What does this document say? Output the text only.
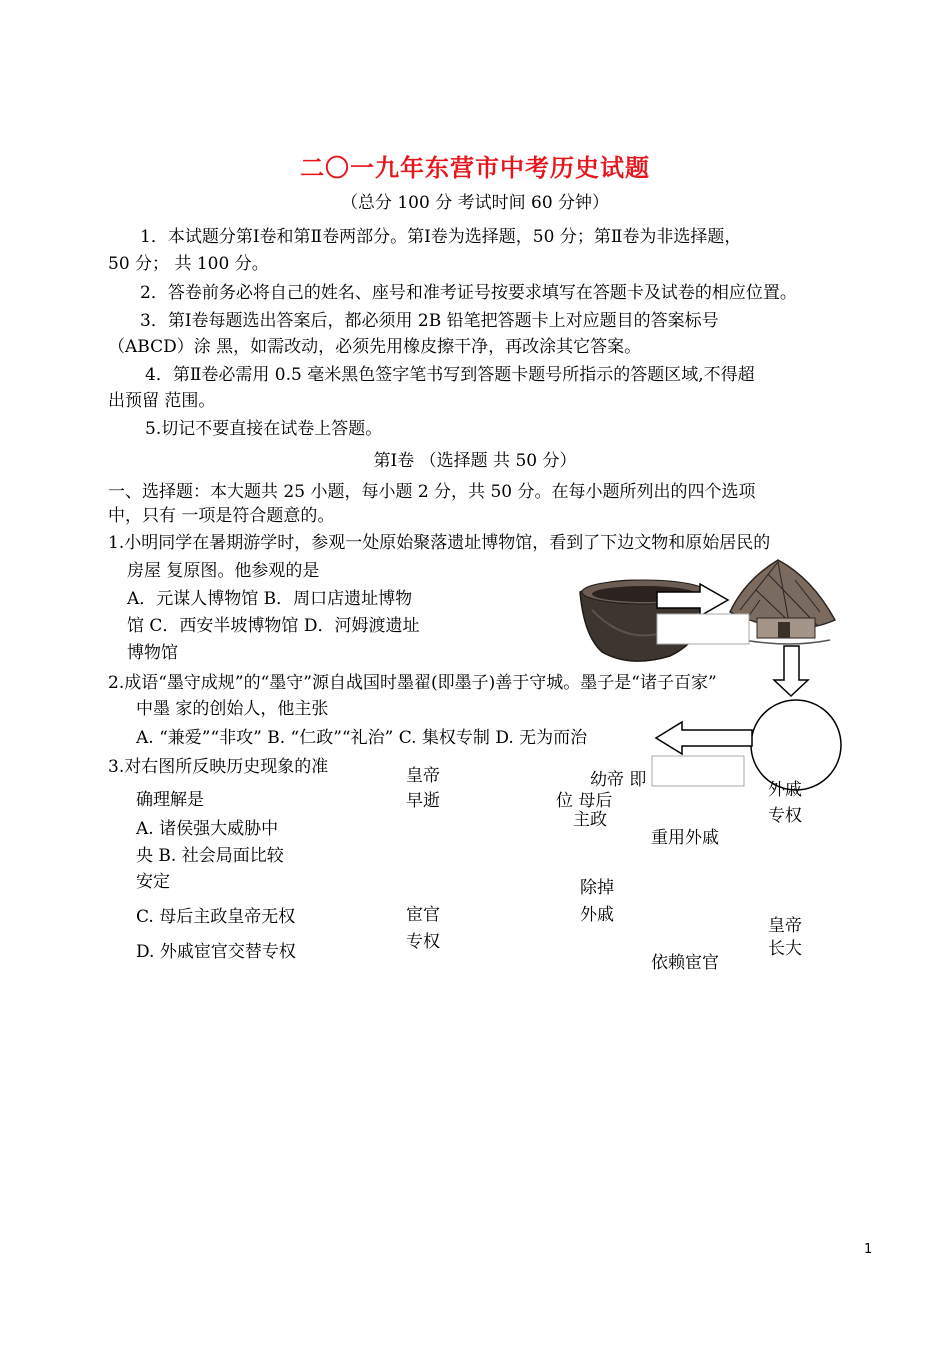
二〇一九年东营市中考历史试题
（总分 100 分 考试时间 60 分钟）
1．本试题分第Ⅰ卷和第Ⅱ卷两部分。第Ⅰ卷为选择题，50 分；第Ⅱ卷为非选择题，
50 分； 共 100 分。
2．答卷前务必将自己的姓名、座号和准考证号按要求填写在答题卡及试卷的相应位置。
3．第Ⅰ卷每题选出答案后，都必须用 2B 铅笔把答题卡上对应题目的答案标号
（ABCD）涂 黑，如需改动，必须先用橡皮擦干净，再改涂其它答案。
4．第Ⅱ卷必需用 0.5 毫米黑色签字笔书写到答题卡题号所指示的答题区域,不得超
出预留 范围。
5.切记不要直接在试卷上答题。
第Ⅰ卷 （选择题 共 50 分）
一、选择题：本大题共 25 小题，每小题 2 分，共 50 分。在每小题所列出的四个选项
中，只有 一项是符合题意的。
1.小明同学在暑期游学时，参观一处原始聚落遗址博物馆，看到了下边文物和原始居民的
房屋 复原图。他参观的是
A．元谋人博物馆 B．周口店遗址博物
馆 C．西安半坡博物馆 D．河姆渡遗址
博物馆
2.成语“墨守成规”的“墨守”源自战国时墨翟(即墨子)善于守城。墨子是“诸子百家”
中墨 家的创始人，他主张
A. “兼爱”“非攻” B. “仁政”“礼治” C. 集权专制 D. 无为而治
3.对右图所反映历史现象的准
确理解是
A. 诸侯强大威胁中
央 B. 社会局面比较
安定
C. 母后主政皇帝无权
D. 外戚宦官交替专权
皇帝
早逝
幼帝 即
位 母后
主政
重用外戚
外戚
专权
除掉
外戚
宦官
专权
皇帝
长大
依赖宦官
1
